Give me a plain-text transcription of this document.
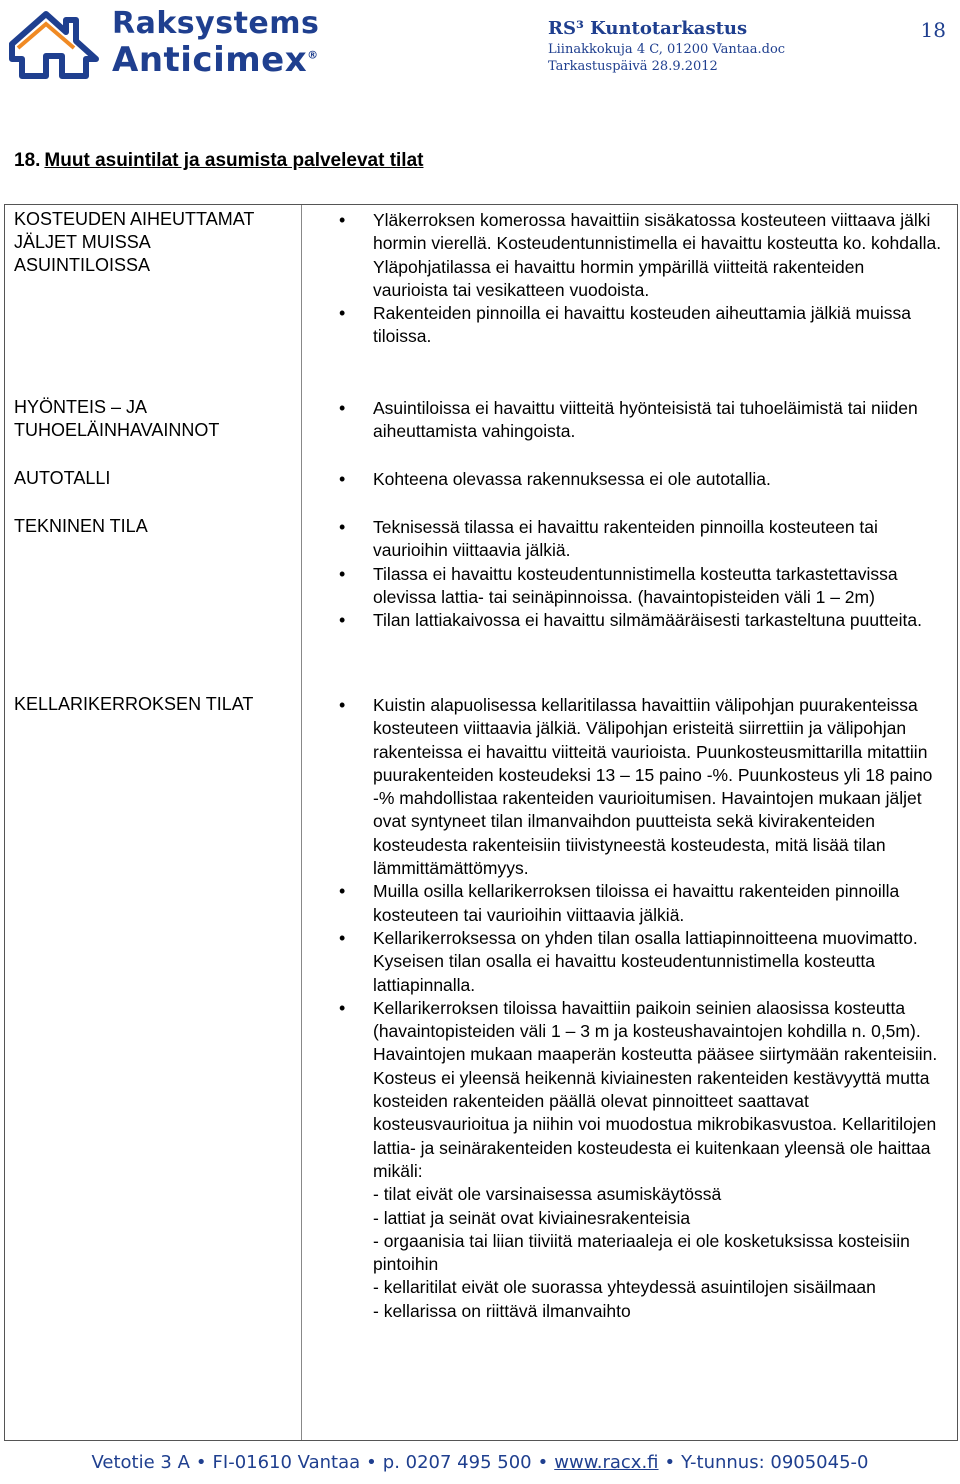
Raksystems
Anticimex®
RS³ Kuntotarkastus
Liinakkokuja 4 C, 01200 Vantaa.doc
Tarkastuspäivä 28.9.2012
18
18. Muut asuintilat ja asumista palvelevat tilat
KOSTEUDEN AIHEUTTAMAT JÄLJET MUISSA ASUINTILOISSA
• Yläkerroksen komerossa havaittiin sisäkatossa kosteuteen viittaava jälki hormin vierellä. Kosteudentunnistimella ei havaittu kosteutta ko. kohdalla. Yläpohjatilassa ei havaittu hormin ympärillä viitteitä rakenteiden vaurioista tai vesikatteen vuodoista.
• Rakenteiden pinnoilla ei havaittu kosteuden aiheuttamia jälkiä muissa tiloissa.
HYÖNTEIS – JA TUHOELÄINHAVAINNOT
• Asuintiloissa ei havaittu viitteitä hyönteisistä tai tuhoeläimistä tai niiden aiheuttamista vahingoista.
AUTOTALLI	• Kohteena olevassa rakennuksessa ei ole autotallia.
TEKNINEN TILA	• Teknisessä tilassa ei havaittu rakenteiden pinnoilla kosteuteen tai vaurioihin viittaavia jälkiä.
• Tilassa ei havaittu kosteudentunnistimella kosteutta tarkastettavissa olevissa lattia- tai seinäpinnoissa. (havaintopisteiden väli 1 – 2m)
• Tilan lattiakaivossa ei havaittu silmämääräisesti tarkasteltuna puutteita.
KELLARIKERROKSEN TILAT	• Kuistin alapuolisessa kellaritilassa havaittiin välipohjan puurakenteissa kosteuteen viittaavia jälkiä. Välipohjan eristeitä siirrettiin ja välipohjan rakenteissa ei havaittu viitteitä vaurioista. Puunkosteusmittarilla mitattiin puurakenteiden kosteudeksi 13 – 15 paino -%. Puunkosteus yli 18 paino -% mahdollistaa rakenteiden vaurioitumisen. Havaintojen mukaan jäljet ovat syntyneet tilan ilmanvaihdon puutteista sekä kivirakenteiden kosteudesta rakenteisiin tiivistyneestä kosteudesta, mitä lisää tilan lämmittämättömyys.
• Muilla osilla kellarikerroksen tiloissa ei havaittu rakenteiden pinnoilla kosteuteen tai vaurioihin viittaavia jälkiä.
• Kellarikerroksessa on yhden tilan osalla lattiapinnoitteena muovimatto. Kyseisen tilan osalla ei havaittu kosteudentunnistimella kosteutta lattiapinnalla.
• Kellarikerroksen tiloissa havaittiin paikoin seinien alaosissa kosteutta (havaintopisteiden väli 1 – 3 m ja kosteushavaintojen kohdilla n. 0,5m). Havaintojen mukaan maaperän kosteutta pääsee siirtymään rakenteisiin. Kosteus ei yleensä heikennä kiviainesten rakenteiden kestävyyttä mutta kosteiden rakenteiden päällä olevat pinnoitteet saattavat kosteusvaurioitua ja niihin voi muodostua mikrobikasvustoa. Kellaritilojen lattia- ja seinärakenteiden kosteudesta ei kuitenkaan yleensä ole haittaa mikäli:
- tilat eivät ole varsinaisessa asumiskäytössä
- lattiat ja seinät ovat kiviainesrakenteisia
- orgaanisia tai liian tiiviitä materiaaleja ei ole kosketuksissa kosteisiin pintoihin
- kellaritilat eivät ole suorassa yhteydessä asuintilojen sisäilmaan
- kellarissa on riittävä ilmanvaihto
Vetotie 3 A • FI-01610 Vantaa • p. 0207 495 500 • www.racx.fi • Y-tunnus: 0905045-0
